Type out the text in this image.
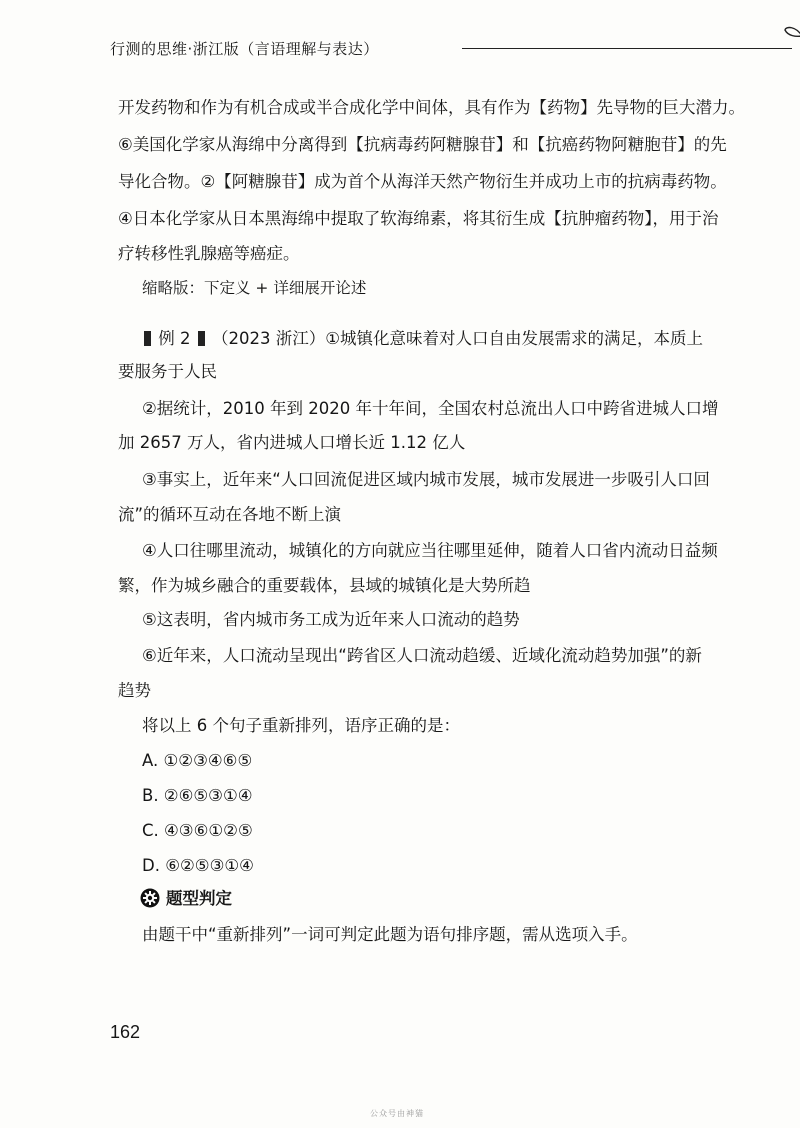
行测的思维·浙江版（言语理解与表达）
开发药物和作为有机合成或半合成化学中间体，具有作为【药物】先导物的巨大潜力。
⑥美国化学家从海绵中分离得到【抗病毒药阿糖腺苷】和【抗癌药物阿糖胞苷】的先
导化合物。②【阿糖腺苷】成为首个从海洋天然产物衍生并成功上市的抗病毒药物。
④日本化学家从日本黑海绵中提取了软海绵素，将其衍生成【抗肿瘤药物】，用于治
疗转移性乳腺癌等癌症。
缩略版：下定义 + 详细展开论述
例 2 （2023 浙江）①城镇化意味着对人口自由发展需求的满足，本质上
要服务于人民
②据统计，2010 年到 2020 年十年间，全国农村总流出人口中跨省进城人口增
加 2657 万人，省内进城人口增长近 1.12 亿人
③事实上，近年来“人口回流促进区域内城市发展，城市发展进一步吸引人口回
流”的循环互动在各地不断上演
④人口往哪里流动，城镇化的方向就应当往哪里延伸，随着人口省内流动日益频
繁，作为城乡融合的重要载体，县域的城镇化是大势所趋
⑤这表明，省内城市务工成为近年来人口流动的趋势
⑥近年来，人口流动呈现出“跨省区人口流动趋缓、近域化流动趋势加强”的新
趋势
将以上 6 个句子重新排列，语序正确的是：
A. ①②③④⑥⑤
B. ②⑥⑤③①④
C. ④③⑥①②⑤
D. ⑥②⑤③①④
题型判定
由题干中“重新排列”一词可判定此题为语句排序题，需从选项入手。
162
公众号由神猫
